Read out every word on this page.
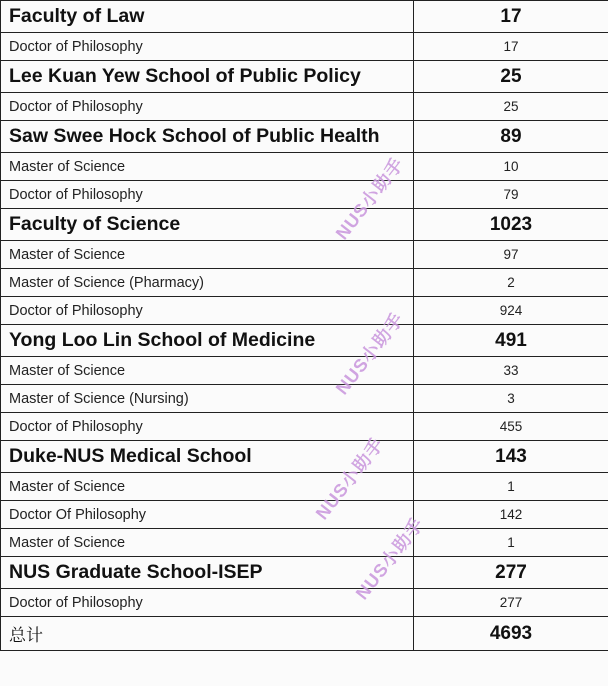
Faculty of Law	17
Doctor of Philosophy	17
Lee Kuan Yew School of Public Policy	25
Doctor of Philosophy	25
Saw Swee Hock School of Public Health	89
Master of Science	10
Doctor of Philosophy	79
Faculty of Science	1023
Master of Science	97
Master of Science (Pharmacy)	2
Doctor of Philosophy	924
Yong Loo Lin School of Medicine	491
Master of Science	33
Master of Science (Nursing)	3
Doctor of Philosophy	455
Duke-NUS Medical School	143
Master of Science	1
Doctor Of Philosophy	142
Master of Science	1
NUS Graduate School-ISEP	277
Doctor of Philosophy	277
总计	4693
NUS小助手
NUS小助手
NUS小助手
NUS小助手
